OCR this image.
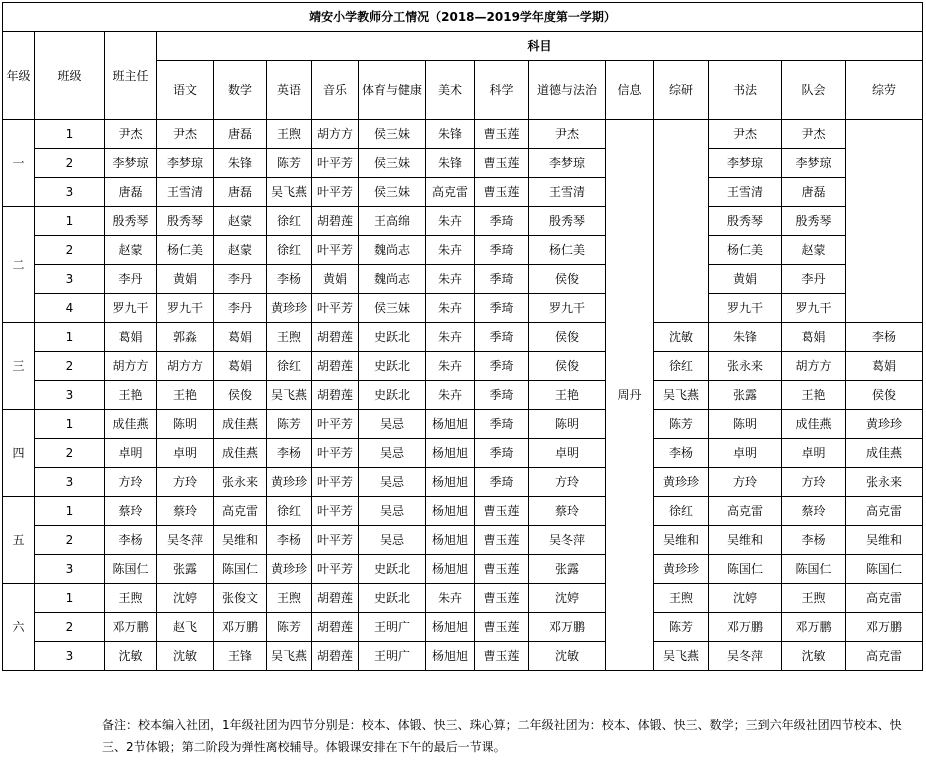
靖安小学教师分工情况（2018—2019学年度第一学期）															
年级	班级	班主任	科目												
			语文	数学	英语	音乐	体育与健康	美术	科学	道德与法治	信息	综研	书法	队会	综劳
一	1	尹杰	尹杰	唐磊	王煦	胡方方	侯三妹	朱锋	曹玉莲	尹杰	周丹		尹杰	尹杰	
	2	李梦琼	李梦琼	朱锋	陈芳	叶平芳	侯三妹	朱锋	曹玉莲	李梦琼			李梦琼	李梦琼	
	3	唐磊	王雪清	唐磊	吴飞燕	叶平芳	侯三妹	高克雷	曹玉莲	王雪清			王雪清	唐磊	
二	1	殷秀琴	殷秀琴	赵蒙	徐红	胡碧莲	王高绵	朱卉	季琦	殷秀琴			殷秀琴	殷秀琴	
	2	赵蒙	杨仁美	赵蒙	徐红	叶平芳	魏尚志	朱卉	季琦	杨仁美			杨仁美	赵蒙	
	3	李丹	黄娟	李丹	李杨	黄娟	魏尚志	朱卉	季琦	侯俊			黄娟	李丹	
	4	罗九干	罗九干	李丹	黄珍珍	叶平芳	侯三妹	朱卉	季琦	罗九干			罗九干	罗九干	
三	1	葛娟	郭淼	葛娟	王煦	胡碧莲	史跃北	朱卉	季琦	侯俊		沈敏	朱锋	葛娟	李杨
	2	胡方方	胡方方	葛娟	徐红	胡碧莲	史跃北	朱卉	季琦	侯俊		徐红	张永来	胡方方	葛娟
	3	王艳	王艳	侯俊	吴飞燕	胡碧莲	史跃北	朱卉	季琦	王艳		吴飞燕	张露	王艳	侯俊
四	1	成佳燕	陈明	成佳燕	陈芳	叶平芳	吴忌	杨旭旭	季琦	陈明		陈芳	陈明	成佳燕	黄珍珍
	2	卓明	卓明	成佳燕	李杨	叶平芳	吴忌	杨旭旭	季琦	卓明		李杨	卓明	卓明	成佳燕
	3	方玲	方玲	张永来	黄珍珍	叶平芳	吴忌	杨旭旭	季琦	方玲		黄珍珍	方玲	方玲	张永来
五	1	蔡玲	蔡玲	高克雷	徐红	叶平芳	吴忌	杨旭旭	曹玉莲	蔡玲		徐红	高克雷	蔡玲	高克雷
	2	李杨	吴冬萍	吴维和	李杨	叶平芳	吴忌	杨旭旭	曹玉莲	吴冬萍		吴维和	吴维和	李杨	吴维和
	3	陈国仁	张露	陈国仁	黄珍珍	叶平芳	史跃北	杨旭旭	曹玉莲	张露		黄珍珍	陈国仁	陈国仁	陈国仁
六	1	王煦	沈婷	张俊文	王煦	胡碧莲	史跃北	朱卉	曹玉莲	沈婷		王煦	沈婷	王煦	高克雷
	2	邓万鹏	赵飞	邓万鹏	陈芳	胡碧莲	王明广	杨旭旭	曹玉莲	邓万鹏		陈芳	邓万鹏	邓万鹏	邓万鹏
	3	沈敏	沈敏	王锋	吴飞燕	胡碧莲	王明广	杨旭旭	曹玉莲	沈敏		吴飞燕	吴冬萍	沈敏	高克雷
备注：校本编入社团，1年级社团为四节分别是：校本、体锻、快三、珠心算；二年级社团为：校本、体锻、快三、数学；三到六年级社团四节校本、快三、2节体锻；第二阶段为弹性离校辅导。体锻课安排在下午的最后一节课。
